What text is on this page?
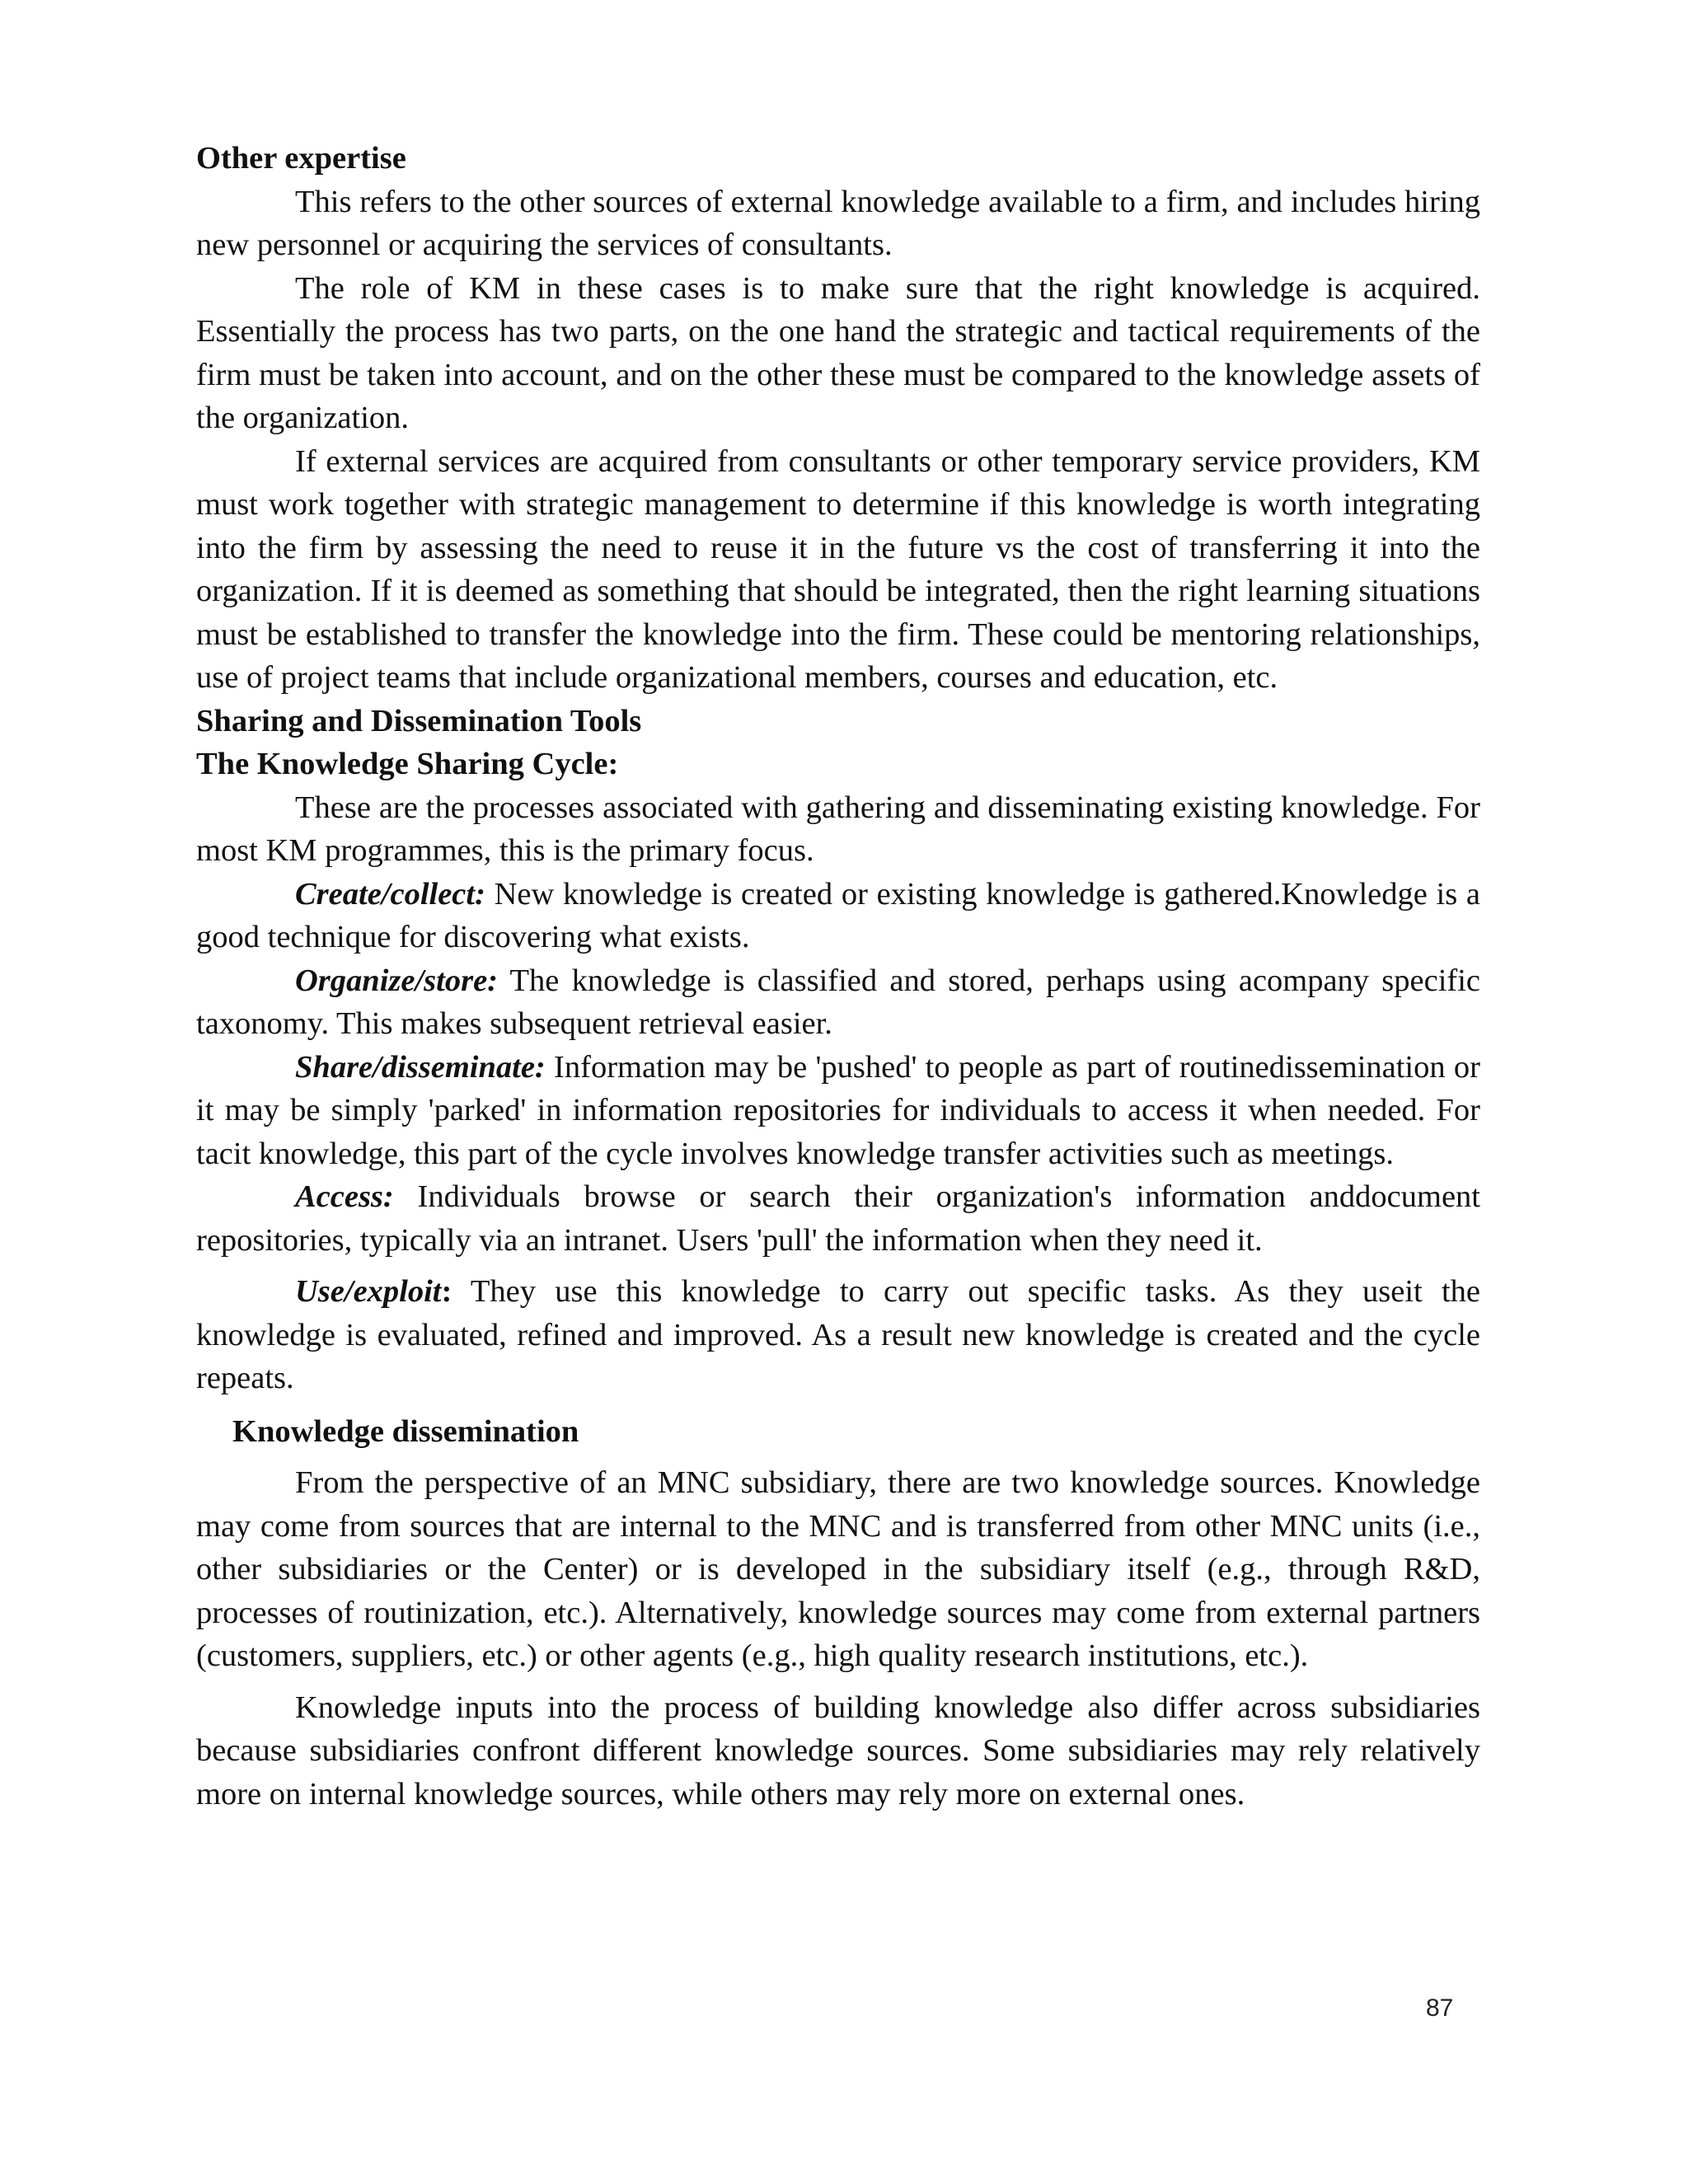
Other expertise

This refers to the other sources of external knowledge available to a firm, and includes hiring new personnel or acquiring the services of consultants.

The role of KM in these cases is to make sure that the right knowledge is acquired. Essentially the process has two parts, on the one hand the strategic and tactical requirements of the firm must be taken into account, and on the other these must be compared to the knowledge assets of the organization.

If external services are acquired from consultants or other temporary service providers, KM must work together with strategic management to determine if this knowledge is worth integrating into the firm by assessing the need to reuse it in the future vs the cost of transferring it into the organization. If it is deemed as something that should be integrated, then the right learning situations must be established to transfer the knowledge into the firm. These could be mentoring relationships, use of project teams that include organizational members, courses and education, etc.

Sharing and Dissemination Tools

The Knowledge Sharing Cycle:

These are the processes associated with gathering and disseminating existing knowledge. For most KM programmes, this is the primary focus.

Create/collect: New knowledge is created or existing knowledge is gathered.Knowledge is a good technique for discovering what exists.

Organize/store: The knowledge is classified and stored, perhaps using acompany specific taxonomy. This makes subsequent retrieval easier.

Share/disseminate: Information may be 'pushed' to people as part of routinedissemination or it may be simply 'parked' in information repositories for individuals to access it when needed. For tacit knowledge, this part of the cycle involves knowledge transfer activities such as meetings.

Access: Individuals browse or search their organization's information anddocument repositories, typically via an intranet. Users 'pull' the information when they need it.

Use/exploit: They use this knowledge to carry out specific tasks. As they useit the knowledge is evaluated, refined and improved. As a result new knowledge is created and the cycle repeats.

Knowledge dissemination

From the perspective of an MNC subsidiary, there are two knowledge sources. Knowledge may come from sources that are internal to the MNC and is transferred from other MNC units (i.e., other subsidiaries or the Center) or is developed in the subsidiary itself (e.g., through R&D, processes of routinization, etc.). Alternatively, knowledge sources may come from external partners (customers, suppliers, etc.) or other agents (e.g., high quality research institutions, etc.).

Knowledge inputs into the process of building knowledge also differ across subsidiaries because subsidiaries confront different knowledge sources. Some subsidiaries may rely relatively more on internal knowledge sources, while others may rely more on external ones.

87
